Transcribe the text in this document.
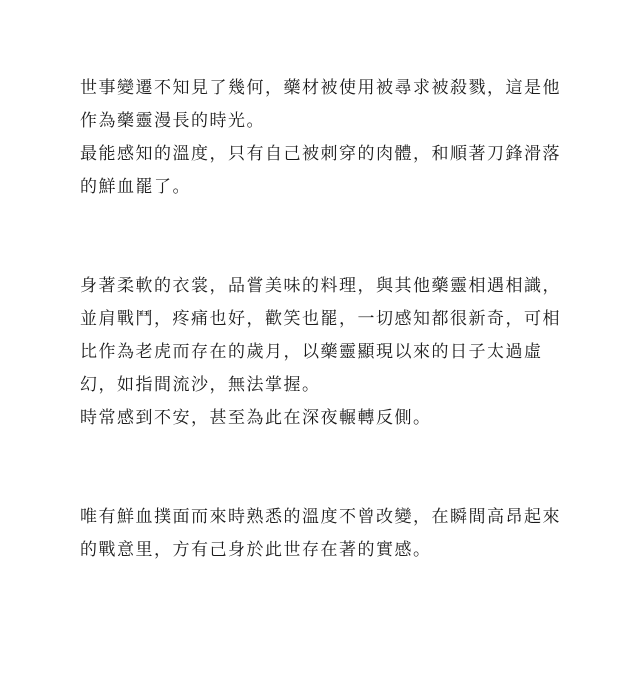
世事變遷不知見了幾何，藥材被使用被尋求被殺戮，這是他作為藥靈漫長的時光。

最能感知的溫度，只有自己被刺穿的肉體，和順著刀鋒滑落的鮮血罷了。

身著柔軟的衣裳，品嘗美味的料理，與其他藥靈相遇相識，並肩戰鬥，疼痛也好，歡笑也罷，一切感知都很新奇，可相比作為老虎而存在的歲月，以藥靈顯現以來的日子太過虛幻，如指間流沙，無法掌握。

時常感到不安，甚至為此在深夜輾轉反側。

唯有鮮血撲面而來時熟悉的溫度不曾改變，在瞬間高昂起來的戰意里，方有己身於此世存在著的實感。
